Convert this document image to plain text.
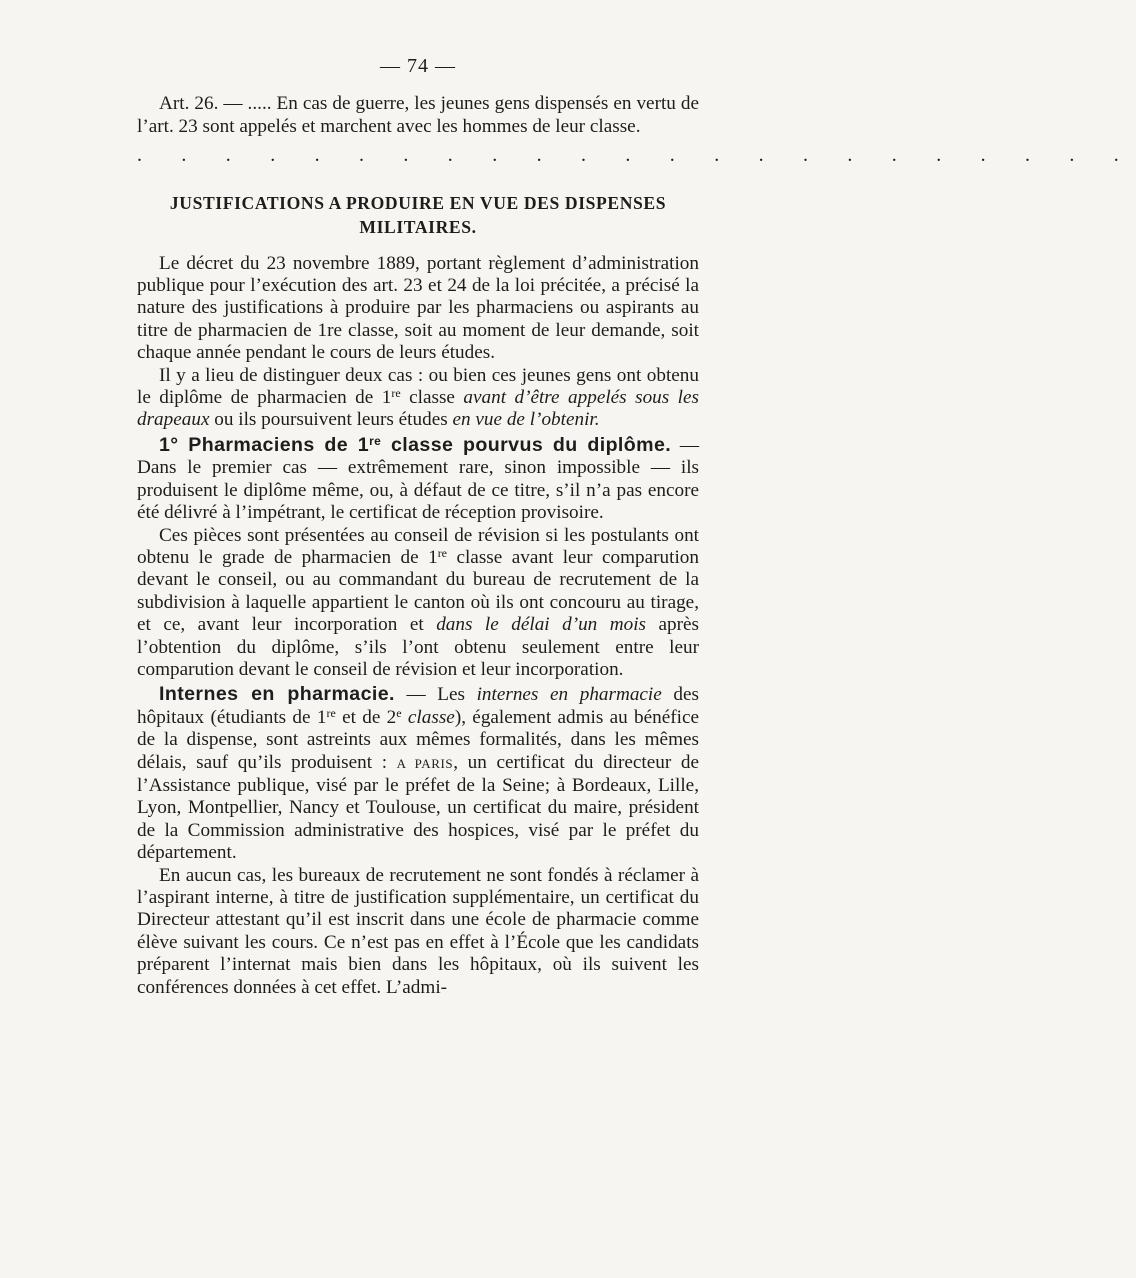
— 74 —

Art. 26. — ..... En cas de guerre, les jeunes gens dispensés en vertu de l’art. 23 sont appelés et marchent avec les hommes de leur classe.

. . . . . . . . . . . . . . . . . . . . . . .
JUSTIFICATIONS A PRODUIRE EN VUE DES DISPENSES MILITAIRES.

Le décret du 23 novembre 1889, portant règlement d’administration publique pour l’exécution des art. 23 et 24 de la loi précitée, a précisé la nature des justifications à produire par les pharmaciens ou aspirants au titre de pharmacien de 1re classe, soit au moment de leur demande, soit chaque année pendant le cours de leurs études.

Il y a lieu de distinguer deux cas : ou bien ces jeunes gens ont obtenu le diplôme de pharmacien de 1re classe avant d’être appelés sous les drapeaux ou ils poursuivent leurs études en vue de l’obtenir.

1° Pharmaciens de 1re classe pourvus du diplôme. — Dans le premier cas — extrêmement rare, sinon impossible — ils produisent le diplôme même, ou, à défaut de ce titre, s’il n’a pas encore été délivré à l’impétrant, le certificat de réception provisoire.

Ces pièces sont présentées au conseil de révision si les postulants ont obtenu le grade de pharmacien de 1re classe avant leur comparution devant le conseil, ou au commandant du bureau de recrutement de la subdivision à laquelle appartient le canton où ils ont concouru au tirage, et ce, avant leur incorporation et dans le délai d’un mois après l’obtention du diplôme, s’ils l’ont obtenu seulement entre leur comparution devant le conseil de révision et leur incorporation.

Internes en pharmacie. — Les internes en pharmacie des hôpitaux (étudiants de 1re et de 2e classe), également admis au bénéfice de la dispense, sont astreints aux mêmes formalités, dans les mêmes délais, sauf qu’ils produisent : A PARIS, un certificat du directeur de l’Assistance publique, visé par le préfet de la Seine; à Bordeaux, Lille, Lyon, Montpellier, Nancy et Toulouse, un certificat du maire, président de la Commission administrative des hospices, visé par le préfet du département.

En aucun cas, les bureaux de recrutement ne sont fondés à réclamer à l’aspirant interne, à titre de justification supplémentaire, un certificat du Directeur attestant qu’il est inscrit dans une école de pharmacie comme élève suivant les cours. Ce n’est pas en effet à l’École que les candidats préparent l’internat mais bien dans les hôpitaux, où ils suivent les conférences données à cet effet. L’admi-
